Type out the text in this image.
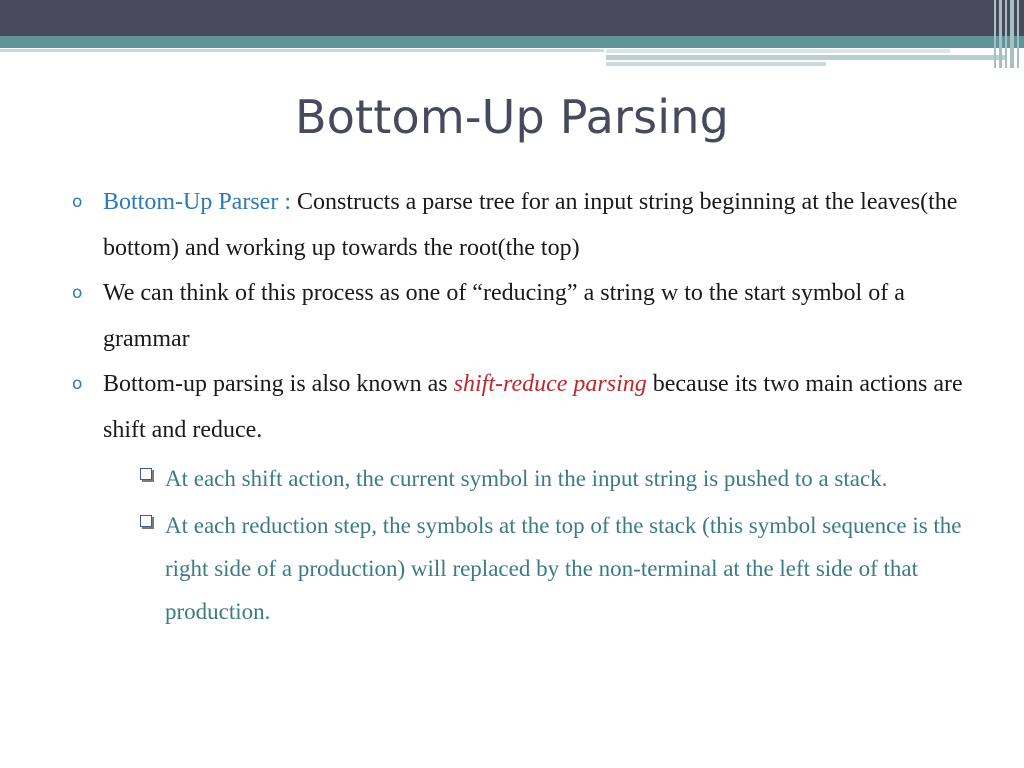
Bottom-Up Parsing
o Bottom-Up Parser : Constructs a parse tree for an input string beginning at the leaves(the bottom) and working up towards the root(the top)
o We can think of this process as one of “reducing” a string w to the start symbol of a grammar
o Bottom-up parsing is also known as shift-reduce parsing because its two main actions are shift and reduce.
At each shift action, the current symbol in the input string is pushed to a stack.
At each reduction step, the symbols at the top of the stack (this symbol sequence is the right side of a production) will replaced by the non-terminal at the left side of that production.
